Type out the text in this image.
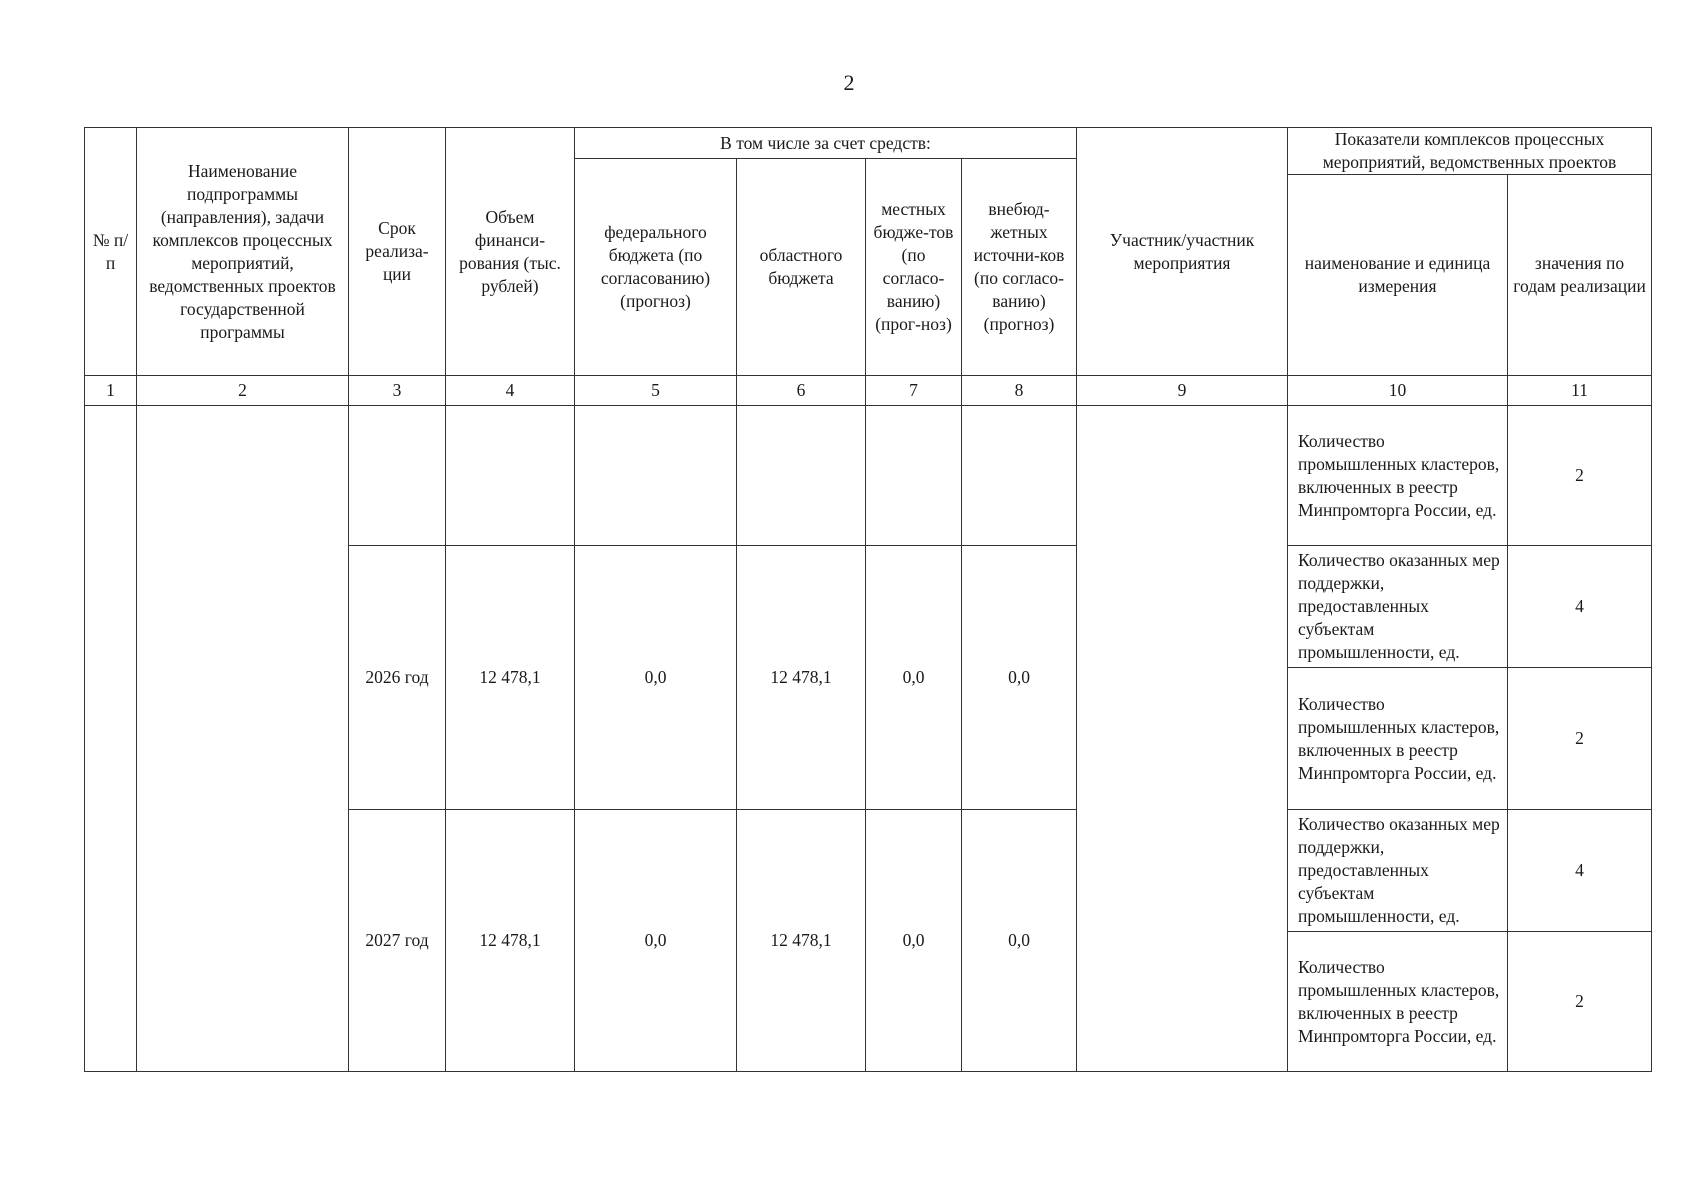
2
№ п/п	Наименование подпрограммы (направления), задачи комплексов процессных мероприятий, ведомственных проектов государственной программы	Срок реализа-ции	Объем финанси-рования (тыс. рублей)	В том числе за счет средств:				Участник/участник мероприятия	Показатели комплексов процессных мероприятий, ведомственных проектов	
				федерального бюджета (по согласованию) (прогноз)	областного бюджета	местных бюдже-тов (по согласо-ванию) (прог-ноз)	внебюд-жетных источни-ков (по согласо-ванию) (прогноз)			
									наименование и единица измерения	значения по годам реализации
1	2	3	4	5	6	7	8	9	10	11
									Количество промышленных кластеров, включенных в реестр Минпромторга России, ед.	2
		2026 год	12 478,1	0,0	12 478,1	0,0	0,0		Количество оказанных мер поддержки, предоставленных субъектам промышленности, ед.	4
									Количество промышленных кластеров, включенных в реестр Минпромторга России, ед.	2
		2027 год	12 478,1	0,0	12 478,1	0,0	0,0		Количество оказанных мер поддержки, предоставленных субъектам промышленности, ед.	4
									Количество промышленных кластеров, включенных в реестр Минпромторга России, ед.	2
